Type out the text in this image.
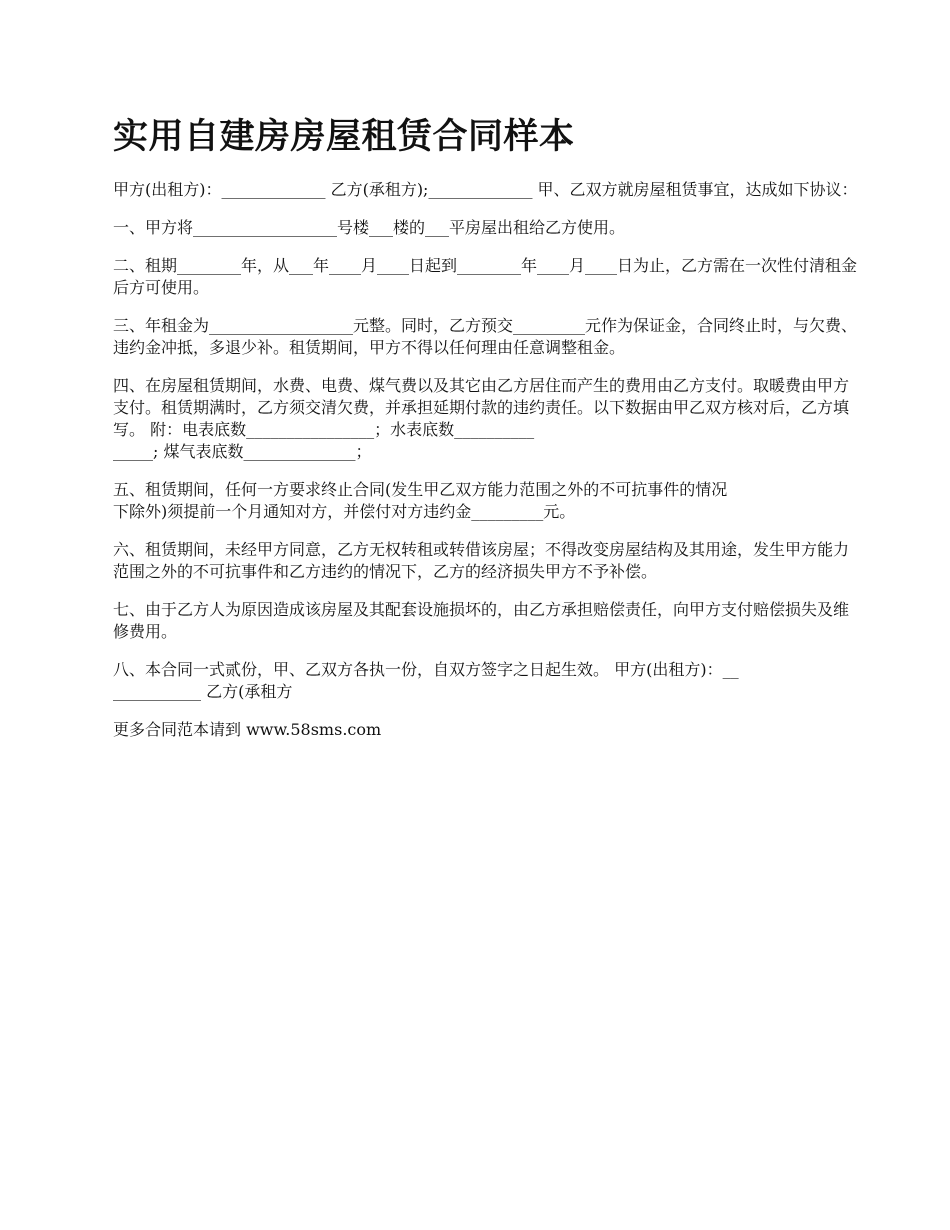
实用自建房房屋租赁合同样本

甲方(出租方)：_____________ 乙方(承租方);_____________ 甲、乙双方就房屋租赁事宜，达成如下协议：

一、甲方将__________________号楼___楼的___平房屋出租给乙方使用。

二、租期________年，从___年____月____日起到________年____月____日为止，乙方需在一次性付清租金后方可使用。

三、年租金为__________________元整。同时，乙方预交_________元作为保证金，合同终止时，与欠费、违约金冲抵，多退少补。租赁期间，甲方不得以任何理由任意调整租金。

四、在房屋租赁期间，水费、电费、煤气费以及其它由乙方居住而产生的费用由乙方支付。取暖费由甲方支付。租赁期满时，乙方须交清欠费，并承担延期付款的违约责任。以下数据由甲乙双方核对后，乙方填写。 附：电表底数________________；水表底数__________
_____; 煤气表底数______________；

五、租赁期间，任何一方要求终止合同(发生甲乙双方能力范围之外的不可抗事件的情况
下除外)须提前一个月通知对方，并偿付对方违约金_________元。

六、租赁期间，未经甲方同意，乙方无权转租或转借该房屋；不得改变房屋结构及其用途，发生甲方能力范围之外的不可抗事件和乙方违约的情况下，乙方的经济损失甲方不予补偿。

七、由于乙方人为原因造成该房屋及其配套设施损坏的，由乙方承担赔偿责任，向甲方支付赔偿损失及维修费用。

八、本合同一式贰份，甲、乙双方各执一份，自双方签字之日起生效。 甲方(出租方)：__
___________ 乙方(承租方

更多合同范本请到 www.58sms.com
